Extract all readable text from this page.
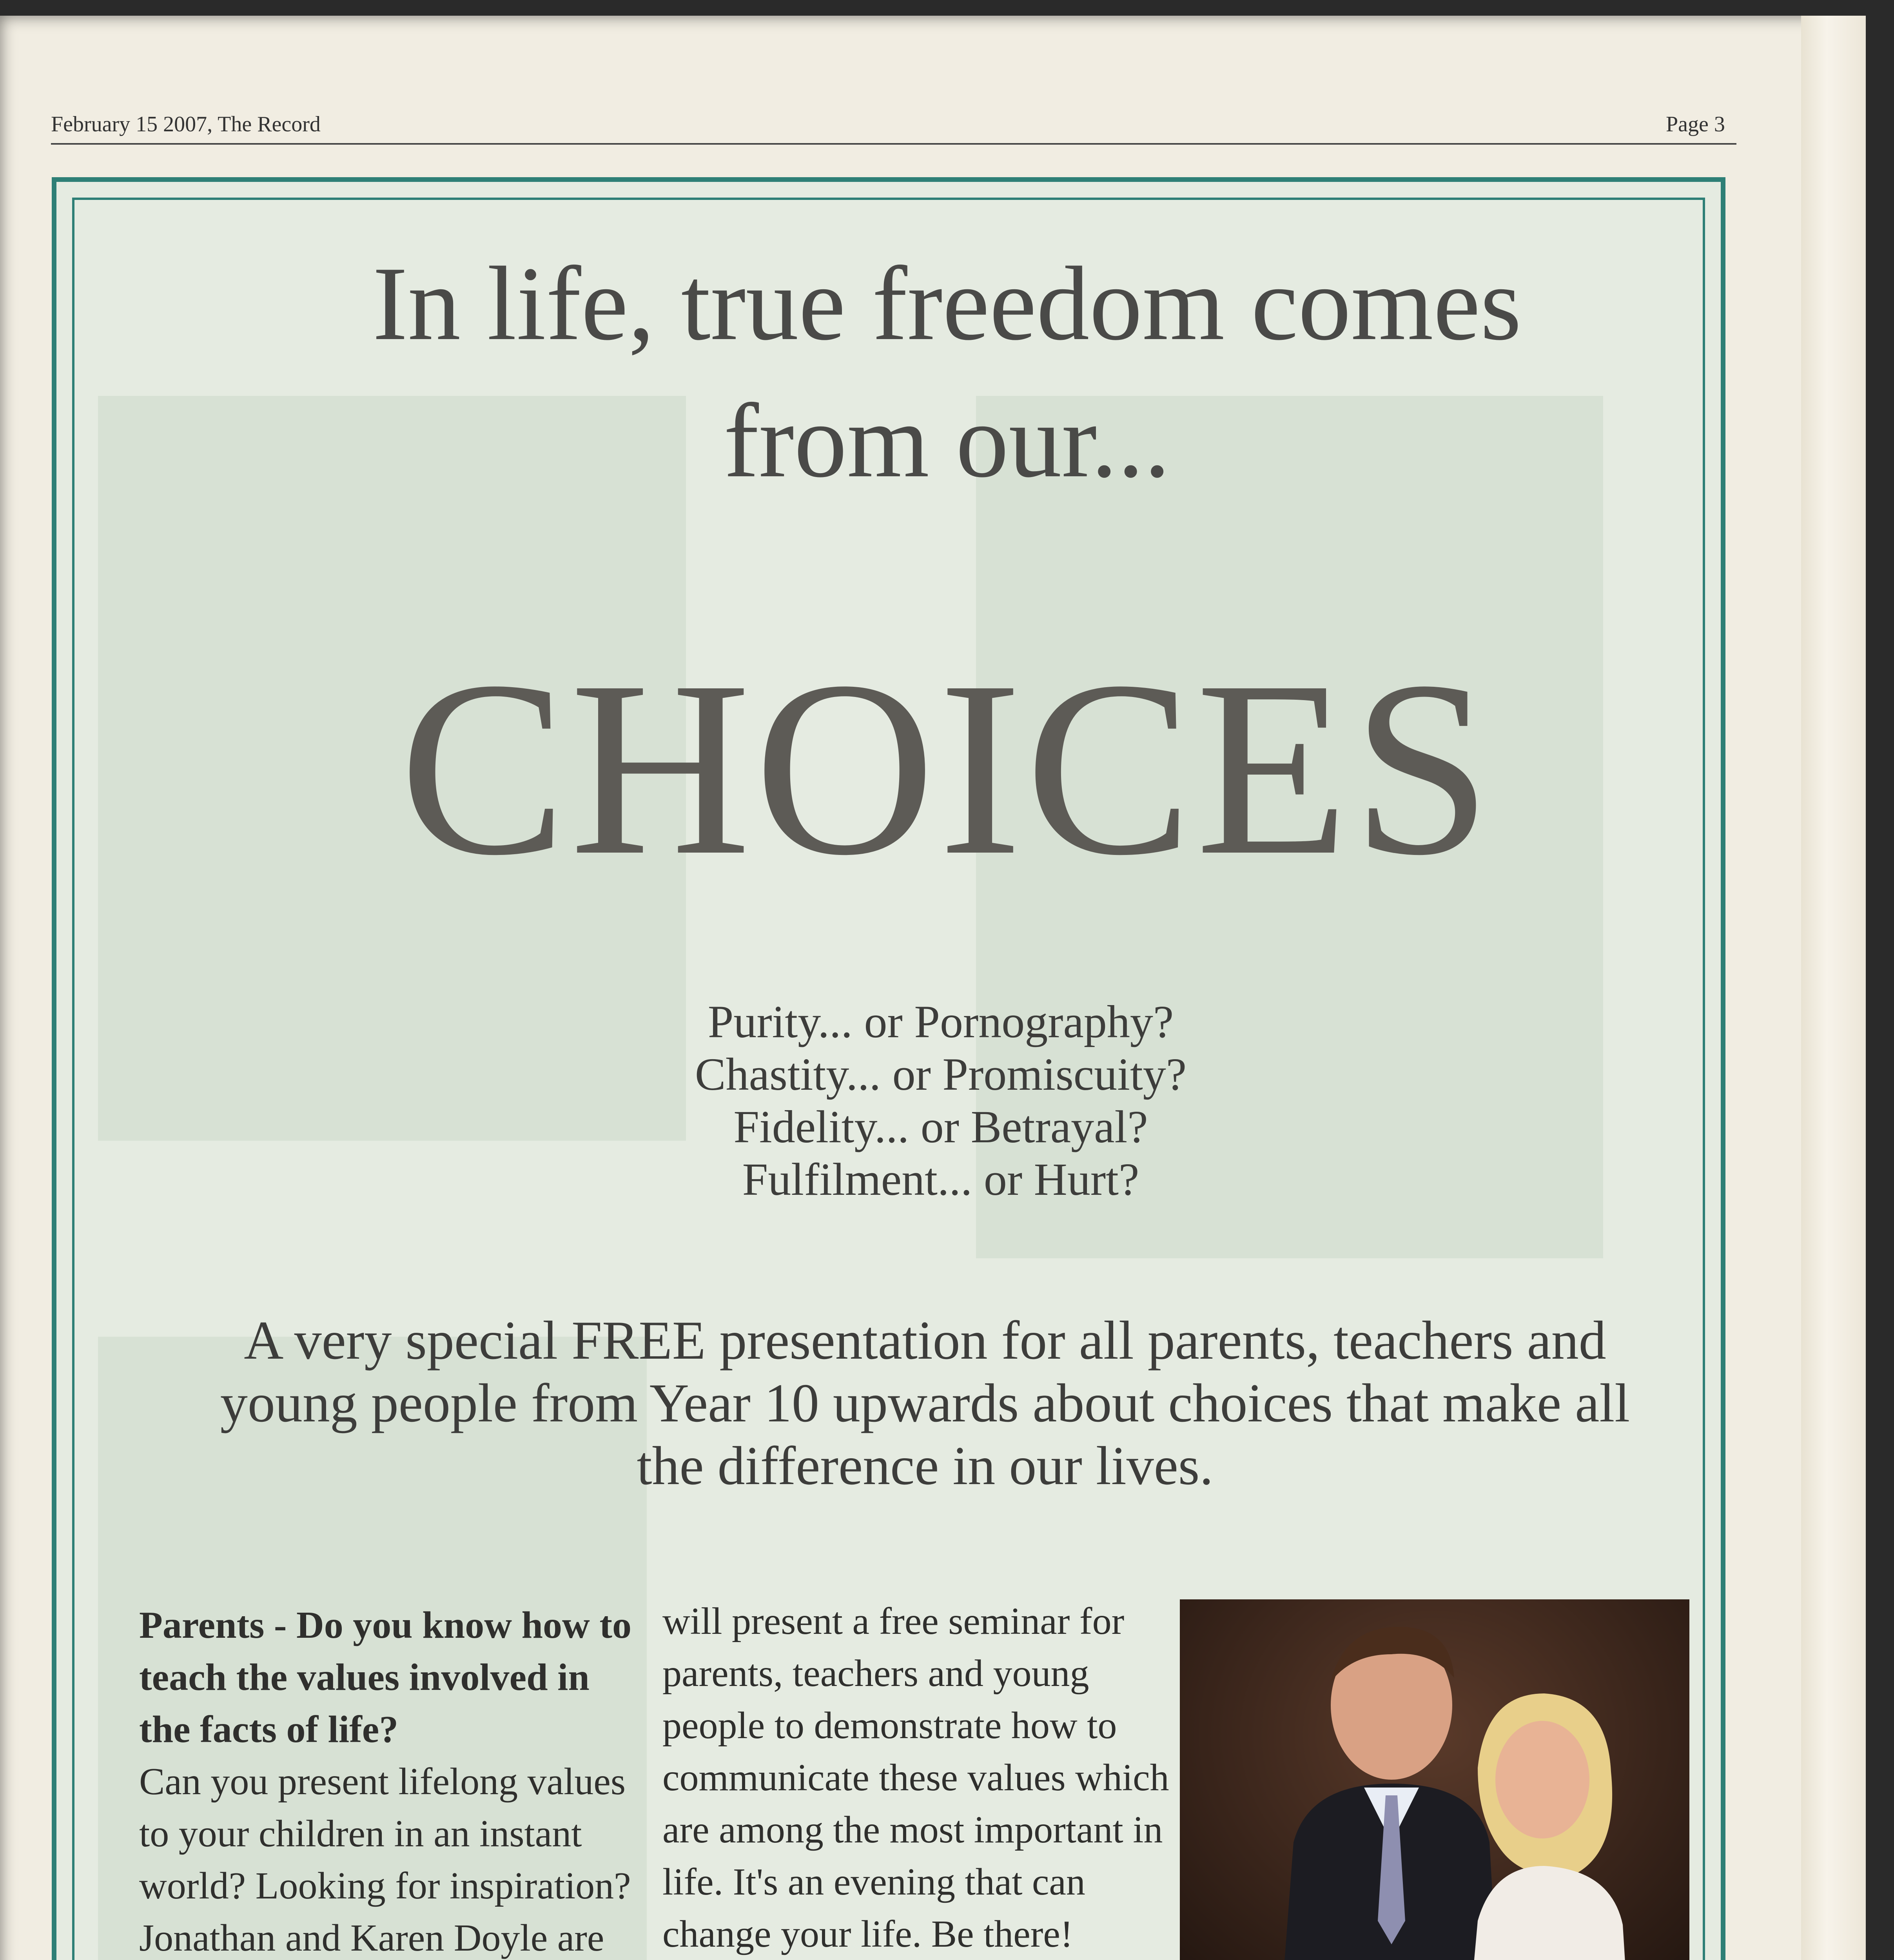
February 15 2007, The Record	Page 3
In life, true freedom comes
from our...
CHOICES
Purity... or Pornography?
Chastity... or Promiscuity?
Fidelity... or Betrayal?
Fulfilment... or Hurt?
A very special FREE presentation for all parents, teachers and
young people from Year 10 upwards about choices that make all
the difference in our lives.
Parents - Do you know how to teach the values involved in the facts of life?
Can you present lifelong values to your children in an instant world? Looking for inspiration? Jonathan and Karen Doyle are
will present a free seminar for parents, teachers and young people to demonstrate how to communicate these values which are among the most important in life. It's an evening that can change your life. Be there!
